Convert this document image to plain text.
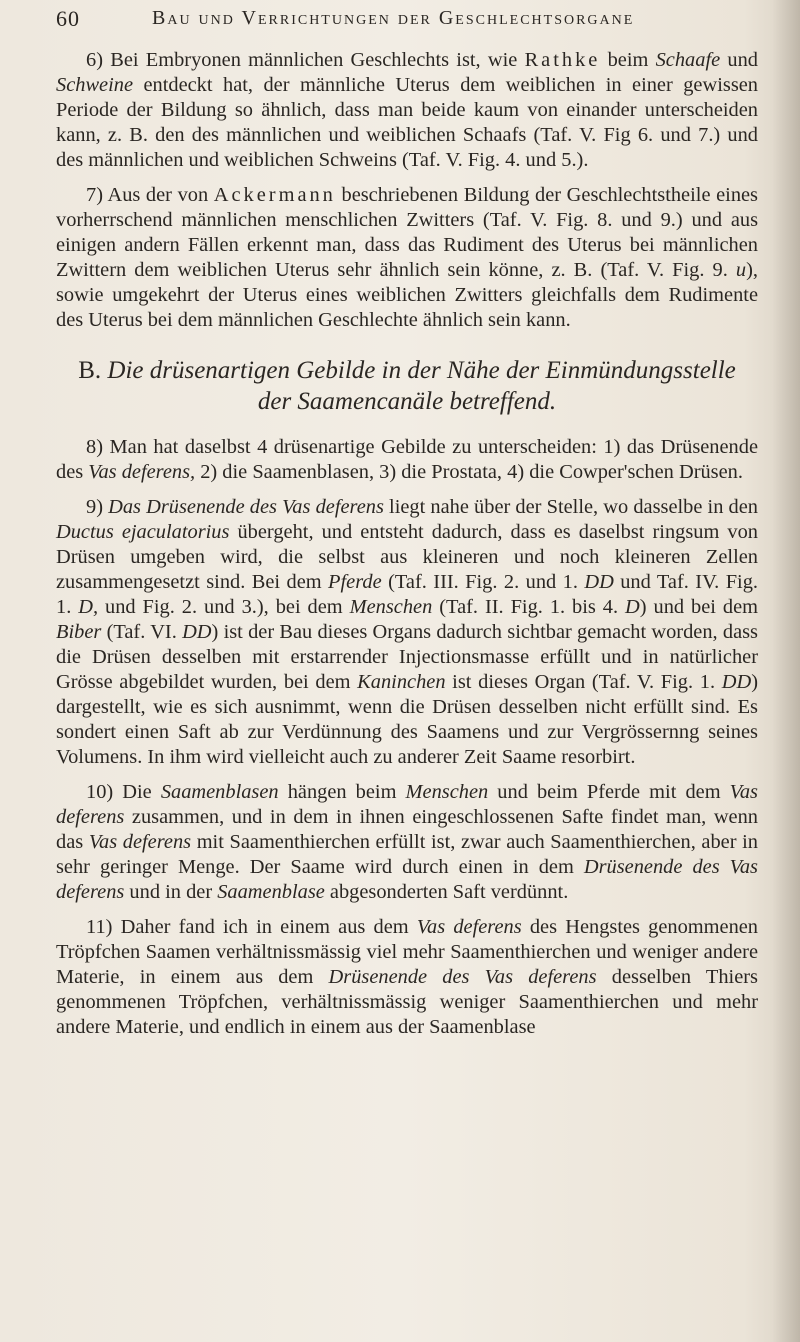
60	Bau und Verrichtungen der Geschlechtsorgane

6) Bei Embryonen männlichen Geschlechts ist, wie Rathke beim Schaafe und Schweine entdeckt hat, der männliche Uterus dem weiblichen in einer gewissen Periode der Bildung so ähnlich, dass man beide kaum von einander unterscheiden kann, z. B. den des männlichen und weiblichen Schaafs (Taf. V. Fig 6. und 7.) und des männlichen und weiblichen Schweins (Taf. V. Fig. 4. und 5.).

7) Aus der von Ackermann beschriebenen Bildung der Geschlechtstheile eines vorherrschend männlichen menschlichen Zwitters (Taf. V. Fig. 8. und 9.) und aus einigen andern Fällen erkennt man, dass das Rudiment des Uterus bei männlichen Zwittern dem weiblichen Uterus sehr ähnlich sein könne, z. B. (Taf. V. Fig. 9. u), sowie umgekehrt der Uterus eines weiblichen Zwitters gleichfalls dem Rudimente des Uterus bei dem männlichen Geschlechte ähnlich sein kann.

B. Die drüsenartigen Gebilde in der Nähe der Einmündungsstelle
der Saamencanäle betreffend.

8) Man hat daselbst 4 drüsenartige Gebilde zu unterscheiden: 1) das Drüsenende des Vas deferens, 2) die Saamenblasen, 3) die Prostata, 4) die Cowper'schen Drüsen.

9) Das Drüsenende des Vas deferens liegt nahe über der Stelle, wo dasselbe in den Ductus ejaculatorius übergeht, und entsteht dadurch, dass es daselbst ringsum von Drüsen umgeben wird, die selbst aus kleineren und noch kleineren Zellen zusammengesetzt sind. Bei dem Pferde (Taf. III. Fig. 2. und 1. DD und Taf. IV. Fig. 1. D, und Fig. 2. und 3.), bei dem Menschen (Taf. II. Fig. 1. bis 4. D) und bei dem Biber (Taf. VI. DD) ist der Bau dieses Organs dadurch sichtbar gemacht worden, dass die Drüsen desselben mit erstarrender Injectionsmasse erfüllt und in natürlicher Grösse abgebildet wurden, bei dem Kaninchen ist dieses Organ (Taf. V. Fig. 1. DD) dargestellt, wie es sich ausnimmt, wenn die Drüsen desselben nicht erfüllt sind. Es sondert einen Saft ab zur Verdünnung des Saamens und zur Vergrössernng seines Volumens. In ihm wird vielleicht auch zu anderer Zeit Saame resorbirt.

10) Die Saamenblasen hängen beim Menschen und beim Pferde mit dem Vas deferens zusammen, und in dem in ihnen eingeschlossenen Safte findet man, wenn das Vas deferens mit Saamenthierchen erfüllt ist, zwar auch Saamenthierchen, aber in sehr geringer Menge. Der Saame wird durch einen in dem Drüsenende des Vas deferens und in der Saamenblase abgesonderten Saft verdünnt.

11) Daher fand ich in einem aus dem Vas deferens des Hengstes genommenen Tröpfchen Saamen verhältnissmässig viel mehr Saamenthierchen und weniger andere Materie, in einem aus dem Drüsenende des Vas deferens desselben Thiers genommenen Tröpfchen, verhältnissmässig weniger Saamenthierchen und mehr andere Materie, und endlich in einem aus der Saamenblase
